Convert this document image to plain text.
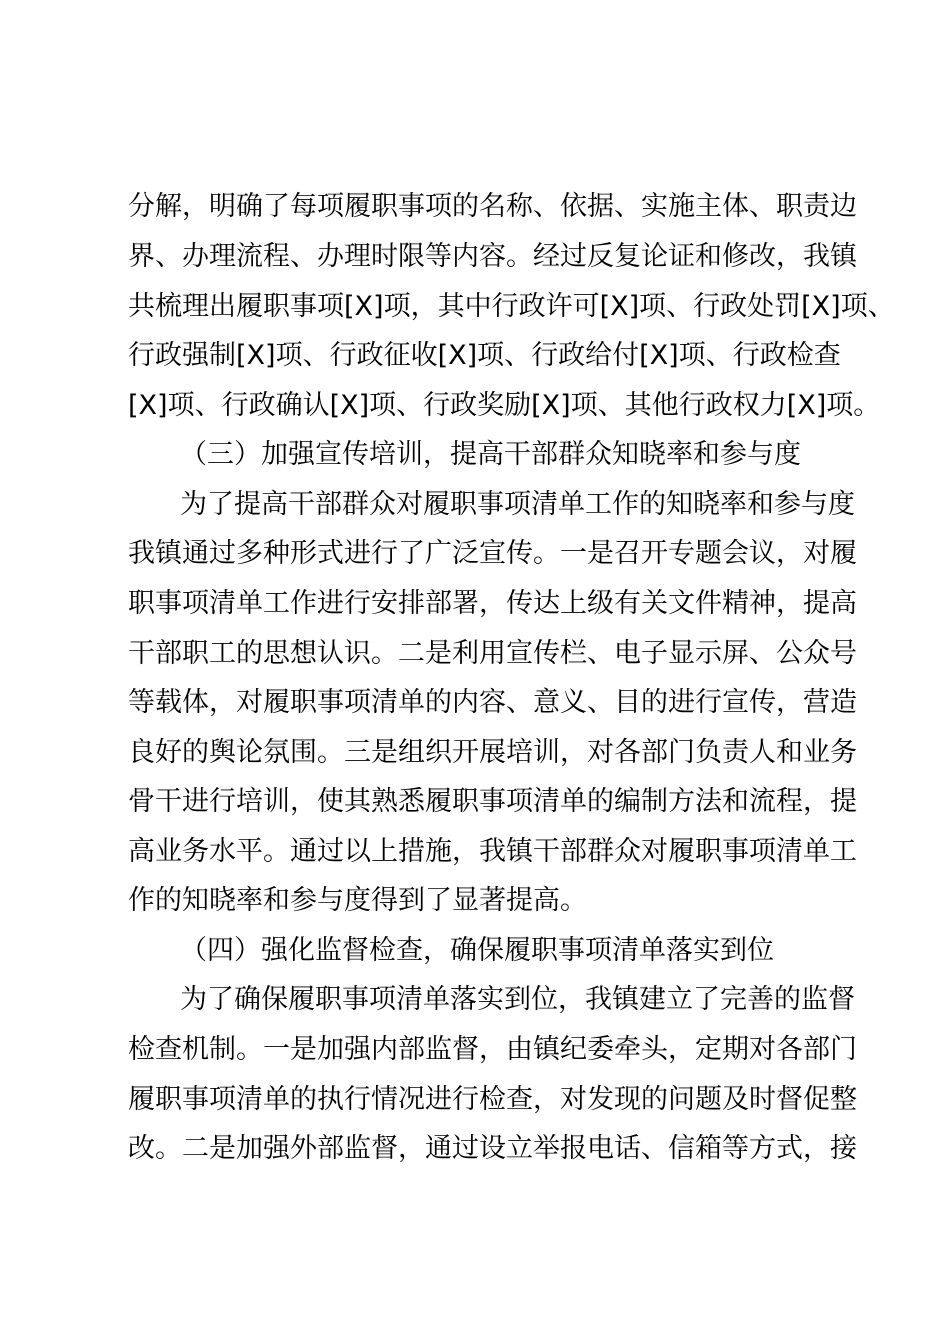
分解，明确了每项履职事项的名称、依据、实施主体、职责边
界、办理流程、办理时限等内容。经过反复论证和修改，我镇
共梳理出履职事项[X]项，其中行政许可[X]项、行政处罚[X]项、
行政强制[X]项、行政征收[X]项、行政给付[X]项、行政检查
[X]项、行政确认[X]项、行政奖励[X]项、其他行政权力[X]项。
（三）加强宣传培训，提高干部群众知晓率和参与度
为了提高干部群众对履职事项清单工作的知晓率和参与度
我镇通过多种形式进行了广泛宣传。一是召开专题会议，对履
职事项清单工作进行安排部署，传达上级有关文件精神，提高
干部职工的思想认识。二是利用宣传栏、电子显示屏、公众号
等载体，对履职事项清单的内容、意义、目的进行宣传，营造
良好的舆论氛围。三是组织开展培训，对各部门负责人和业务
骨干进行培训，使其熟悉履职事项清单的编制方法和流程，提
高业务水平。通过以上措施，我镇干部群众对履职事项清单工
作的知晓率和参与度得到了显著提高。
（四）强化监督检查，确保履职事项清单落实到位
为了确保履职事项清单落实到位，我镇建立了完善的监督
检查机制。一是加强内部监督，由镇纪委牵头，定期对各部门
履职事项清单的执行情况进行检查，对发现的问题及时督促整
改。二是加强外部监督，通过设立举报电话、信箱等方式，接
